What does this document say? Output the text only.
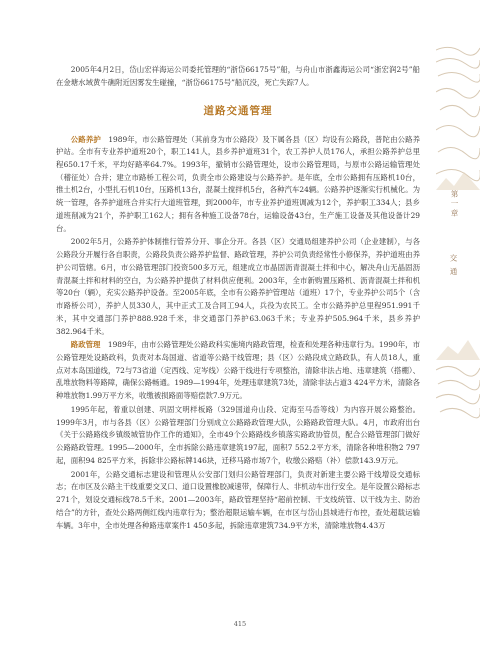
第一章
交通

2005年4月2日，岱山宏祥海运公司委托管理的“浙岱66175号”船，与舟山市浙鑫海运公司“浙宏润2号”船在金塘水域黄牛礁附近因雾发生碰撞，“浙岱66175号”船沉没，死亡失踪7人。

道路交通管理

公路养护　1989年，市公路管理处（其前身为市公路段）及下属各县（区）均设有公路段，普陀由公路养护站。全市有专业养护道班20个，职工141人，县乡养护道班31个，农工养护人员176人，承担公路养护总里程650.17千米，平均好路率64.7%。1993年，撤销市公路管理处，设市公路管理局，与原市公路运输管理处（稽征处）合并；建立市路桥工程公司，负责全市公路建设与公路养护。是年底，全市公路拥有压路机10台，推土机2台，小型扎石机10台，压路机13台，混凝土搅拌机5台，各种汽车24辆。公路养护逐渐实行机械化。为统一管理，各养护道班合并实行大道班管理，到2000年，市专业养护道班调减为12个，养护职工334人；县乡道班削减为21个，养护职工162人；拥有各种施工设备78台，运输设备43台，生产施工设备及其他设备计29台。

2002年5月，公路养护体制推行管养分开、事企分开。各县（区）交通局组建养护公司（企业建制），与各公路段分开履行各自职责，公路段负责公路养护监督、路政管理，养护公司负责经常性小修保养，养护道班由养护公司管辖。6月，市公路管理部门投资500多万元，组建成立市晶固沥青混凝土拌和中心，解决舟山无晶固沥青混凝土拌和材料的空白，为公路养护提供了材料供应便利。2003年，全市新购置压路机、沥青混凝土拌和机等20台（辆），充实公路养护设备。至2005年底，全市有公路养护管理站（道班）17个，专业养护公司5个（含市路桥公司），养护人员330人，其中正式工及合同工94人，兵役为农民工。全市公路养护总里程951.991千米，其中交通部门养护888.928千米，非交通部门养护63.063千米；专业养护505.964千米，县乡养护382.964千米。

路政管理　1989年，由市公路管理处公路政科实施境内路政管理，检查和处理各种违章行为。1990年，市公路管理处设路政科，负责对本岛国道、省道等公路干线管理；县（区）公路段成立路政队，有人员18人，重点对本岛国道线，72与73省道（定西线、定岑线）公路干线进行专项整治，清除非法占地、违章建筑（搭棚）、乱堆放物料等路障，确保公路畅通。1989—1994年，处理违章建筑73处，清除非法占道3 424平方米，清除各种堆放物1.99万平方米，收缴被损路面等赔偿款7.9万元。

1995年起，着重以创建、巩固文明样板路（329国道舟山段、定海至马岙等线）为内容开展公路整治。1999年3月，市与各县（区）公路管理部门分别成立公路路政管理大队，公路路政管理大队。4月，市政府出台《关于公路路线乡镇级城管协作工作的通知》，全市49个公路路线乡镇落实路政协管员，配合公路管理部门做好公路路政管理。1995—2000年，全市拆除公路违章建筑197起，面积7 552.2平方米，清除各种堆积物2 797起，面积94 825平方米，拆除非公路标牌146块，迁移马路市场7个，收缴公路赔（补）偿款143.9万元。

2001年，公路交通标志建设和管理从公安部门划归公路管理部门，负责对新建主要公路干线增设交通标志；在市区及公路主干线重要交叉口、道口设置橡胶减速带，保障行人、非机动车出行安全。是年设置公路标志271个，划设交通标线78.5千米。2001—2003年，路政管理坚持“超前控制、干支线统管、以干线为主、防治结合”的方针，查处公路两侧红线内违章行为；整治超限运输车辆，在市区与岱山县城进行布控，查处超载运输车辆。3年中，全市处理各种路违章案件1 450多起，拆除违章建筑734.9平方米，清除堆放物4.43万

415
